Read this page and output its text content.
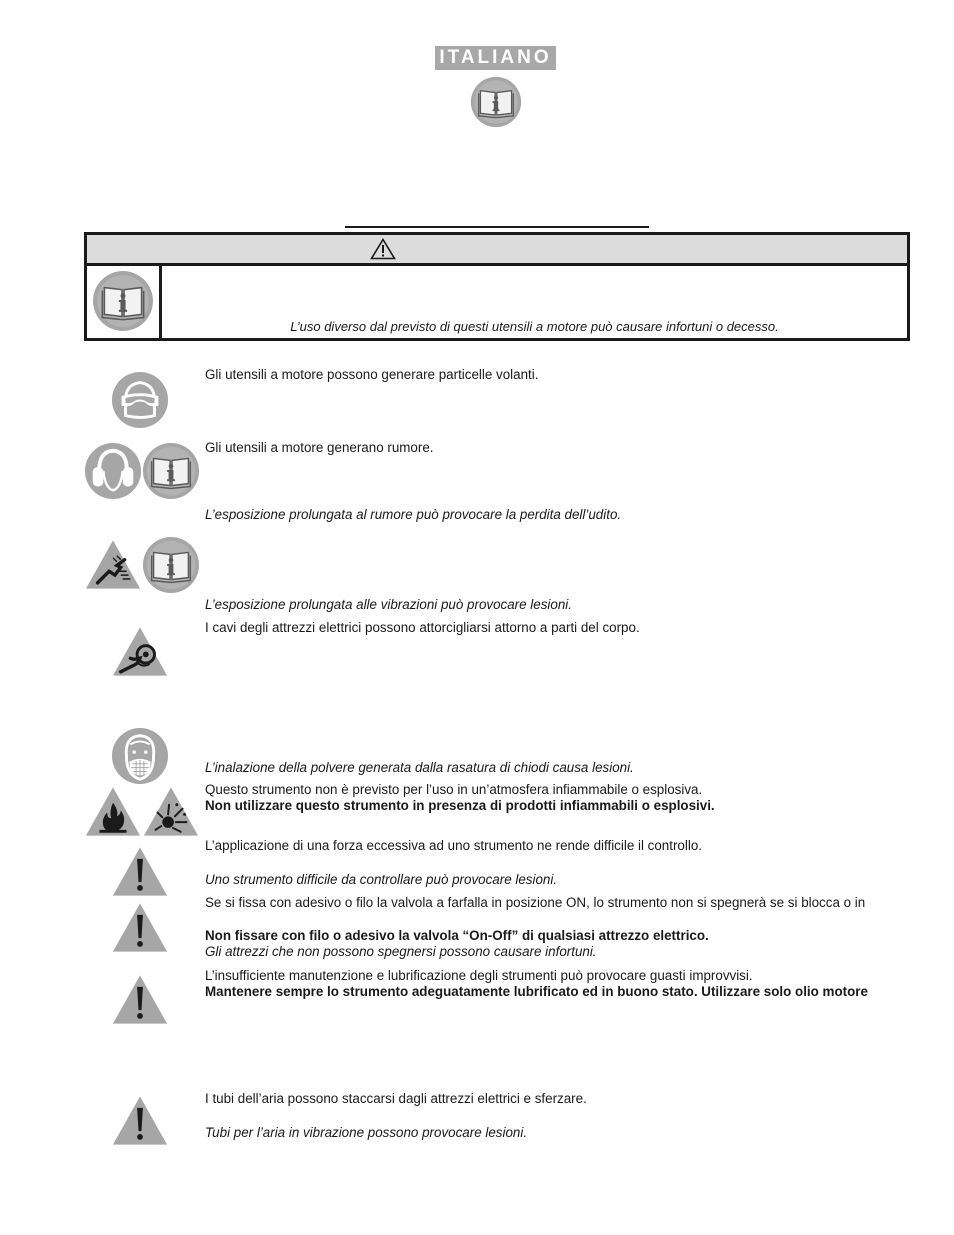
ITALIANO
L’uso diverso dal previsto di questi utensili a motore può causare infortuni o decesso.
Gli utensili a motore possono generare particelle volanti.
Gli utensili a motore generano rumore.
L’esposizione prolungata al rumore può provocare la perdita dell’udito.
L’esposizione prolungata alle vibrazioni può provocare lesioni.
I cavi degli attrezzi elettrici possono attorcigliarsi attorno a parti del corpo.
L’inalazione della polvere generata dalla rasatura di chiodi causa lesioni.
Questo strumento non è previsto per l’uso in un’atmosfera infiammabile o esplosiva.
Non utilizzare questo strumento in presenza di prodotti infiammabili o esplosivi.
L’applicazione di una forza eccessiva ad uno strumento ne rende difficile il controllo.
Uno strumento difficile da controllare può provocare lesioni.
Se si fissa con adesivo o filo la valvola a farfalla in posizione ON, lo strumento non si spegnerà se si blocca o in
Non fissare con filo o adesivo la valvola “On-Off” di qualsiasi attrezzo elettrico.
Gli attrezzi che non possono spegnersi possono causare infortuni.
L’insufficiente manutenzione e lubrificazione degli strumenti può provocare guasti improvvisi.
Mantenere sempre lo strumento adeguatamente lubrificato ed in buono stato. Utilizzare solo olio motore
I tubi dell’aria possono staccarsi dagli attrezzi elettrici e sferzare.
Tubi per l’aria in vibrazione possono provocare lesioni.
